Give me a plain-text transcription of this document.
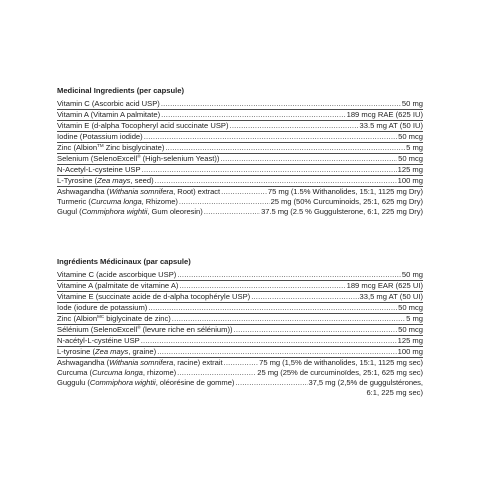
Medicinal Ingredients (per capsule)
Vitamin C (Ascorbic acid USP) .....	50 mg
Vitamin A (Vitamin A palmitate) .....	189 mcg RAE (625 IU)
Vitamin E (d-alpha Tocopheryl acid succinate USP) .....	33.5 mg AT (50 IU)
Iodine (Potassium iodide) .....	50 mcg
Zinc (Albion™ Zinc bisglycinate) .....	5 mg
Selenium (SelenoExcell® (High-selenium Yeast)) .....	50 mcg
N-Acetyl-L-cysteine USP .....	125 mg
L-Tyrosine (Zea mays, seed) .....	100 mg
Ashwagandha (Withania somnifera, Root) extract .....	75 mg (1.5% Withanolides, 15:1, 1125 mg Dry)
Turmeric (Curcuma longa, Rhizome) .....	25 mg (50% Curcuminoids, 25:1, 625 mg Dry)
Gugul (Commiphora wightii, Gum oleoresin) .....	37.5 mg (2.5 % Guggulsterone, 6:1, 225 mg Dry)
Ingrédients Médicinaux (par capsule)
Vitamine C (acide ascorbique USP) .....	50 mg
Vitamine A (palmitate de vitamine A) .....	189 mcg EAR (625 UI)
Vitamine E (succinate acide de d-alpha tocophéryle USP) .....	33,5 mg AT (50 UI)
Iode (iodure de potassium) .....	50 mcg
Zinc (Albion$^{MC}$ biglycinate de zinc) .....	5 mg
Sélénium (SelenoExcell® (levure riche en sélénium)) .....	50 mcg
N-acétyl-L-cystéine USP .....	125 mg
L-tyrosine (Zea mays, graine) .....	100 mg
Ashwagandha (Withania somnifera, racine) extrait .....	75 mg (1,5% de withanolides, 15:1, 1125 mg sec)
Curcuma (Curcuma longa, rhizome) .....	25 mg (25% de curcuminoïdes, 25:1, 625 mg sec)
Guggulu (Commiphora wightii, oléorésine de gomme) .....	37,5 mg (2,5% de guggulstérones,
6:1, 225 mg sec)
